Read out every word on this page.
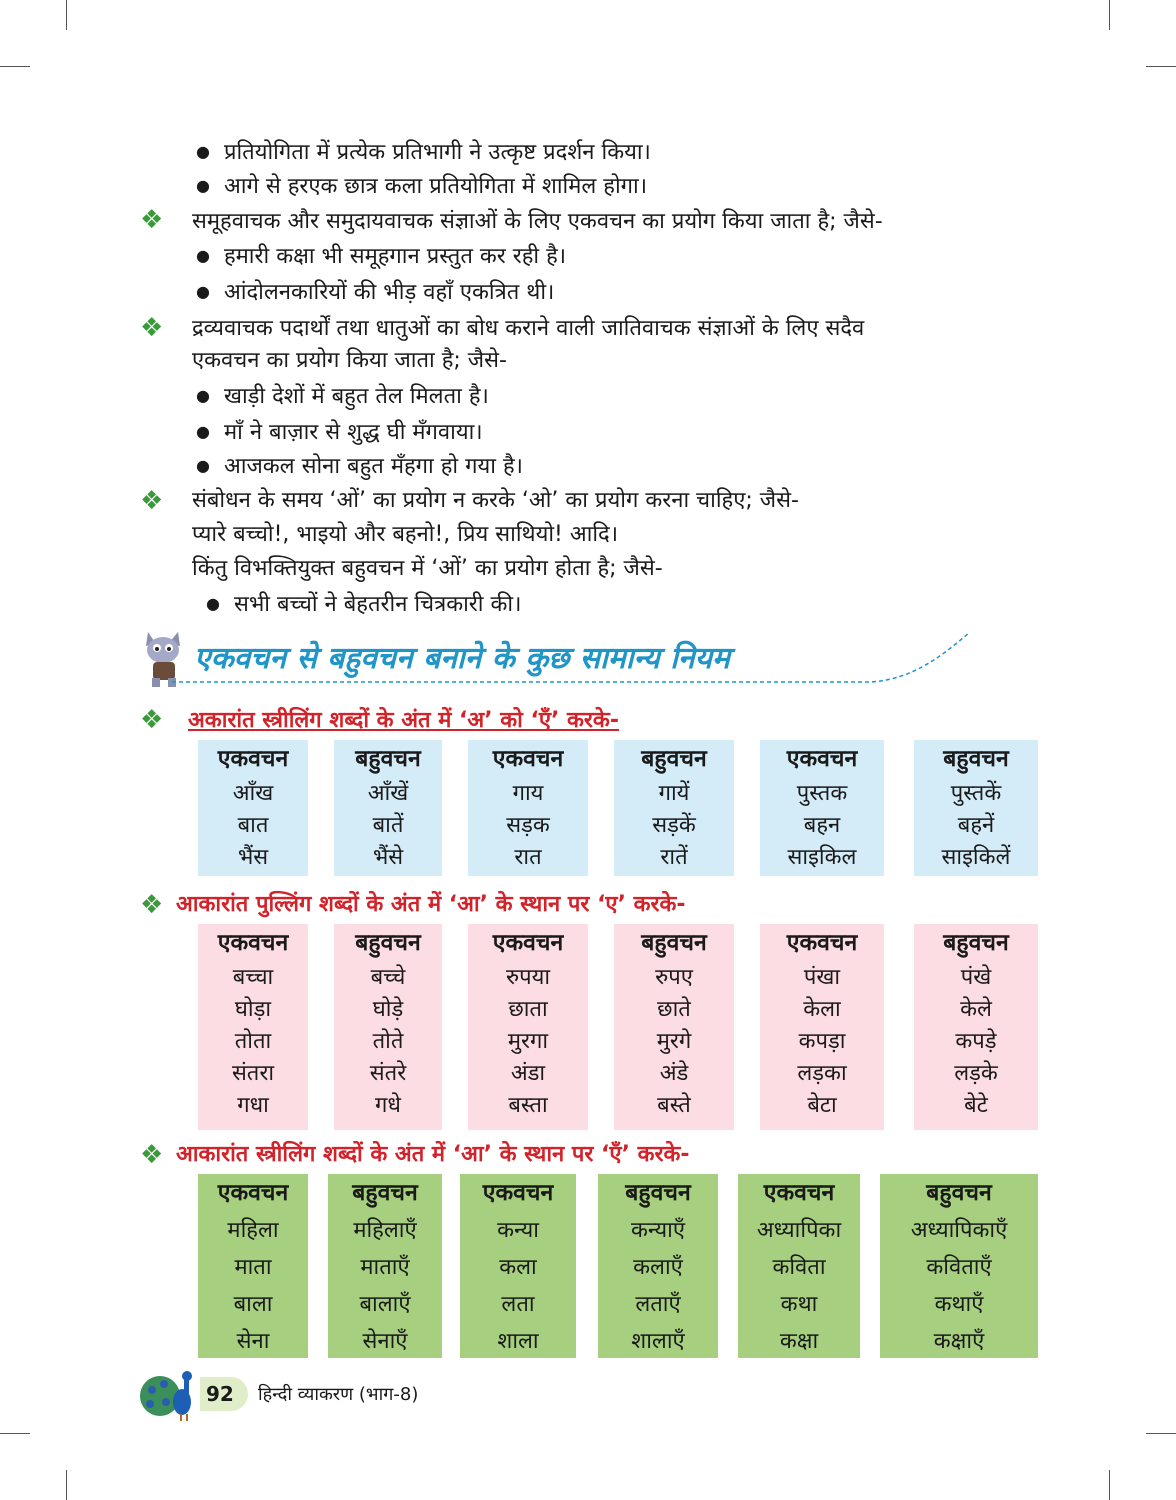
● प्रतियोगिता में प्रत्येक प्रतिभागी ने उत्कृष्ट प्रदर्शन किया।
● आगे से हरएक छात्र कला प्रतियोगिता में शामिल होगा।
❖ समूहवाचक और समुदायवाचक संज्ञाओं के लिए एकवचन का प्रयोग किया जाता है; जैसे-
● हमारी कक्षा भी समूहगान प्रस्तुत कर रही है।
● आंदोलनकारियों की भीड़ वहाँ एकत्रित थी।
❖ द्रव्यवाचक पदार्थों तथा धातुओं का बोध कराने वाली जातिवाचक संज्ञाओं के लिए सदैव
एकवचन का प्रयोग किया जाता है; जैसे-
● खाड़ी देशों में बहुत तेल मिलता है।
● माँ ने बाज़ार से शुद्ध घी मँगवाया।
● आजकल सोना बहुत मँहगा हो गया है।
❖ संबोधन के समय ‘ओं’ का प्रयोग न करके ‘ओ’ का प्रयोग करना चाहिए; जैसे-
प्यारे बच्चो!, भाइयो और बहनो!, प्रिय साथियो! आदि।
किंतु विभक्तियुक्त बहुवचन में ‘ओं’ का प्रयोग होता है; जैसे-
● सभी बच्चों ने बेहतरीन चित्रकारी की।
एकवचन से बहुवचन बनाने के कुछ सामान्य नियम
❖ अकारांत स्त्रीलिंग शब्दों के अंत में ‘अ’ को ‘एँ’ करके-
एकवचन
आँख
बात
भैंस
बहुवचन
आँखें
बातें
भैंसे
एकवचन
गाय
सड़क
रात
बहुवचन
गायें
सड़कें
रातें
एकवचन
पुस्तक
बहन
साइकिल
बहुवचन
पुस्तकें
बहनें
साइकिलें
❖ आकारांत पुल्लिंग शब्दों के अंत में ‘आ’ के स्थान पर ‘ए’ करके-
एकवचन
बच्चा
घोड़ा
तोता
संतरा
गधा
बहुवचन
बच्चे
घोड़े
तोते
संतरे
गधे
एकवचन
रुपया
छाता
मुरगा
अंडा
बस्ता
बहुवचन
रुपए
छाते
मुरगे
अंडे
बस्ते
एकवचन
पंखा
केला
कपड़ा
लड़का
बेटा
बहुवचन
पंखे
केले
कपड़े
लड़के
बेटे
❖ आकारांत स्त्रीलिंग शब्दों के अंत में ‘आ’ के स्थान पर ‘एँ’ करके-
एकवचन
महिला
माता
बाला
सेना
बहुवचन
महिलाएँ
माताएँ
बालाएँ
सेनाएँ
एकवचन
कन्या
कला
लता
शाला
बहुवचन
कन्याएँ
कलाएँ
लताएँ
शालाएँ
एकवचन
अध्यापिका
कविता
कथा
कक्षा
बहुवचन
अध्यापिकाएँ
कविताएँ
कथाएँ
कक्षाएँ
92 हिन्दी व्याकरण (भाग-8)
